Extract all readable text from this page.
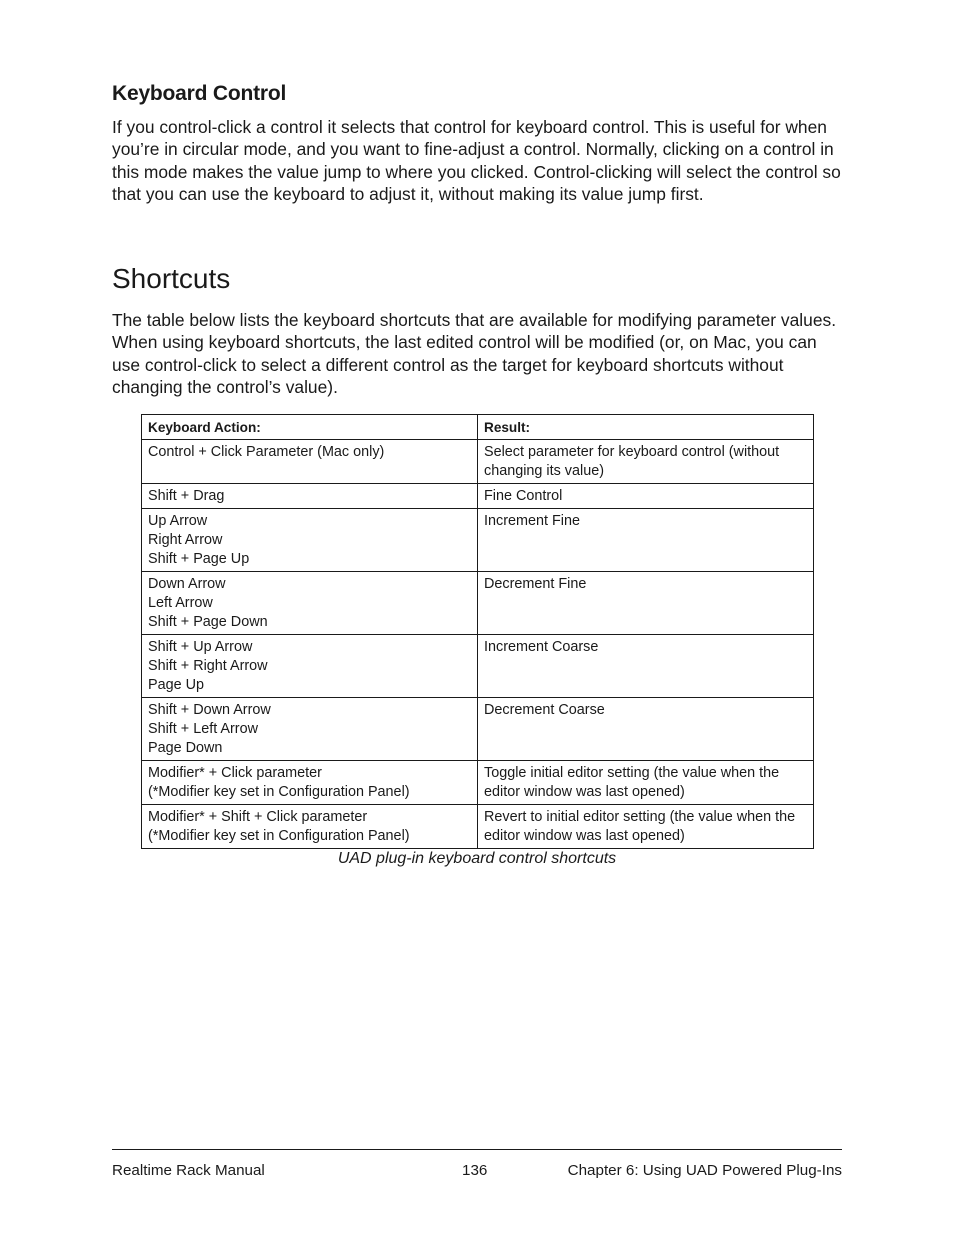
Keyboard Control

If you control-click a control it selects that control for keyboard control. This is useful for when you’re in circular mode, and you want to fine-adjust a control. Normally, clicking on a control in this mode makes the value jump to where you clicked. Control-clicking will select the control so that you can use the keyboard to adjust it, without making its value jump first.

Shortcuts

The table below lists the keyboard shortcuts that are available for modifying parameter values. When using keyboard shortcuts, the last edited control will be modified (or, on Mac, you can use control-click to select a different control as the target for keyboard shortcuts without changing the control’s value).

Keyboard Action:	Result:

Control + Click Parameter (Mac only)	Select parameter for keyboard control (without changing its value)

Shift + Drag	Fine Control

Up Arrow
Right Arrow
Shift + Page Up	Increment Fine

Down Arrow
Left Arrow
Shift + Page Down	Decrement Fine

Shift + Up Arrow
Shift + Right Arrow
Page Up	Increment Coarse

Shift + Down Arrow
Shift + Left Arrow
Page Down	Decrement Coarse

Modifier* + Click parameter
(*Modifier key set in Configuration Panel)	Toggle initial editor setting (the value when the editor window was last opened)

Modifier* + Shift + Click parameter
(*Modifier key set in Configuration Panel)	Revert to initial editor setting (the value when the editor window was last opened)

UAD plug-in keyboard control shortcuts

Realtime Rack Manual	136	Chapter 6: Using UAD Powered Plug-Ins
